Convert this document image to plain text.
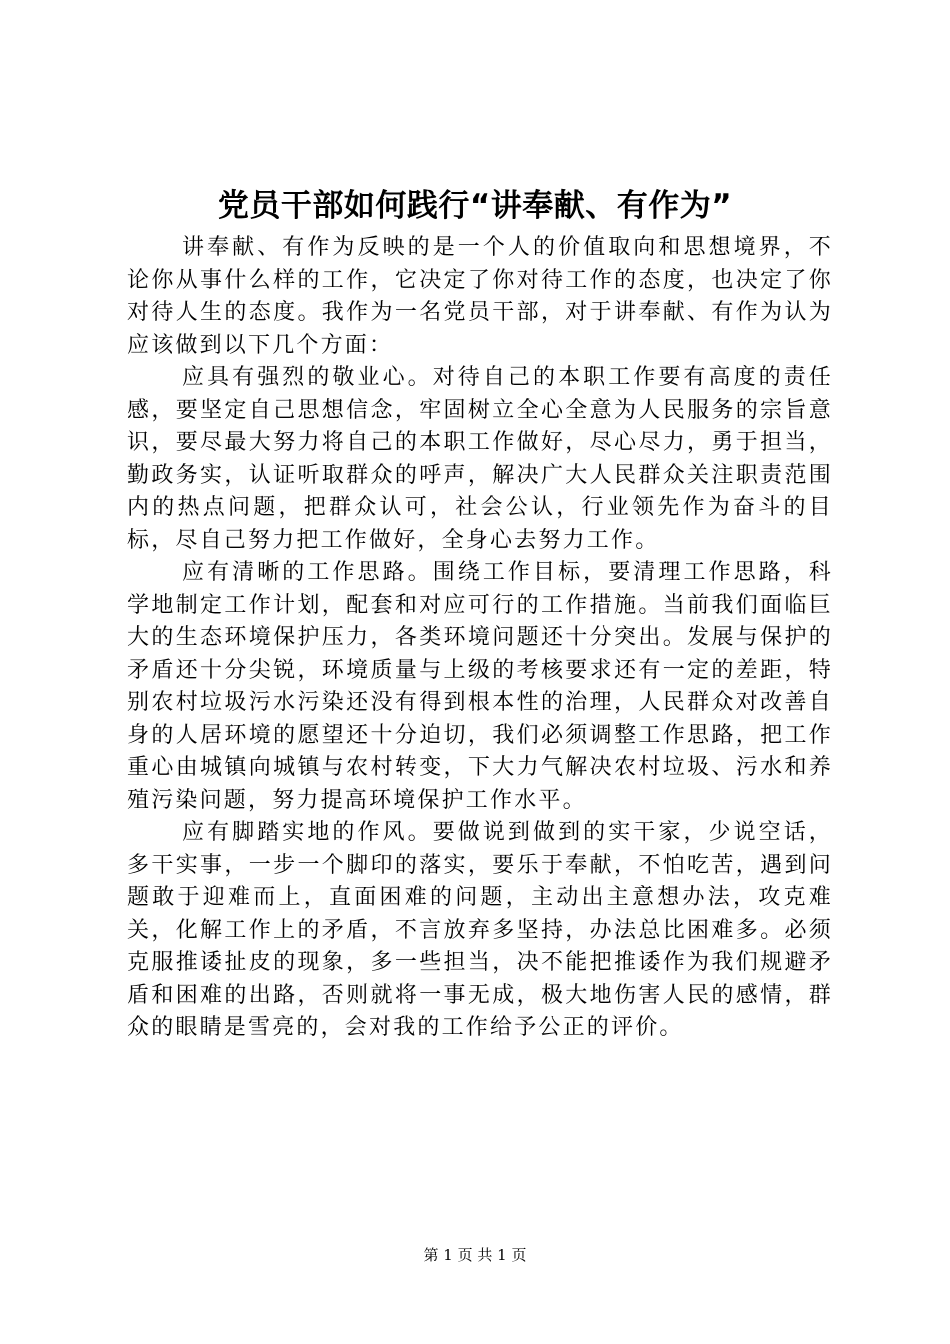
党员干部如何践行“讲奉献、有作为”

讲奉献、有作为反映的是一个人的价值取向和思想境界，不论你从事什么样的工作，它决定了你对待工作的态度，也决定了你对待人生的态度。我作为一名党员干部，对于讲奉献、有作为认为应该做到以下几个方面：

应具有强烈的敬业心。对待自己的本职工作要有高度的责任感，要坚定自己思想信念，牢固树立全心全意为人民服务的宗旨意识，要尽最大努力将自己的本职工作做好，尽心尽力，勇于担当，勤政务实，认证听取群众的呼声，解决广大人民群众关注职责范围内的热点问题，把群众认可，社会公认，行业领先作为奋斗的目标，尽自己努力把工作做好，全身心去努力工作。

应有清晰的工作思路。围绕工作目标，要清理工作思路，科学地制定工作计划，配套和对应可行的工作措施。当前我们面临巨大的生态环境保护压力，各类环境问题还十分突出。发展与保护的矛盾还十分尖锐，环境质量与上级的考核要求还有一定的差距，特别农村垃圾污水污染还没有得到根本性的治理，人民群众对改善自身的人居环境的愿望还十分迫切，我们必须调整工作思路，把工作重心由城镇向城镇与农村转变，下大力气解决农村垃圾、污水和养殖污染问题，努力提高环境保护工作水平。

应有脚踏实地的作风。要做说到做到的实干家，少说空话，多干实事，一步一个脚印的落实，要乐于奉献，不怕吃苦，遇到问题敢于迎难而上，直面困难的问题，主动出主意想办法，攻克难关，化解工作上的矛盾，不言放弃多坚持，办法总比困难多。必须克服推诿扯皮的现象，多一些担当，决不能把推诿作为我们规避矛盾和困难的出路，否则就将一事无成，极大地伤害人民的感情，群众的眼睛是雪亮的，会对我的工作给予公正的评价。

第 1 页 共 1 页
